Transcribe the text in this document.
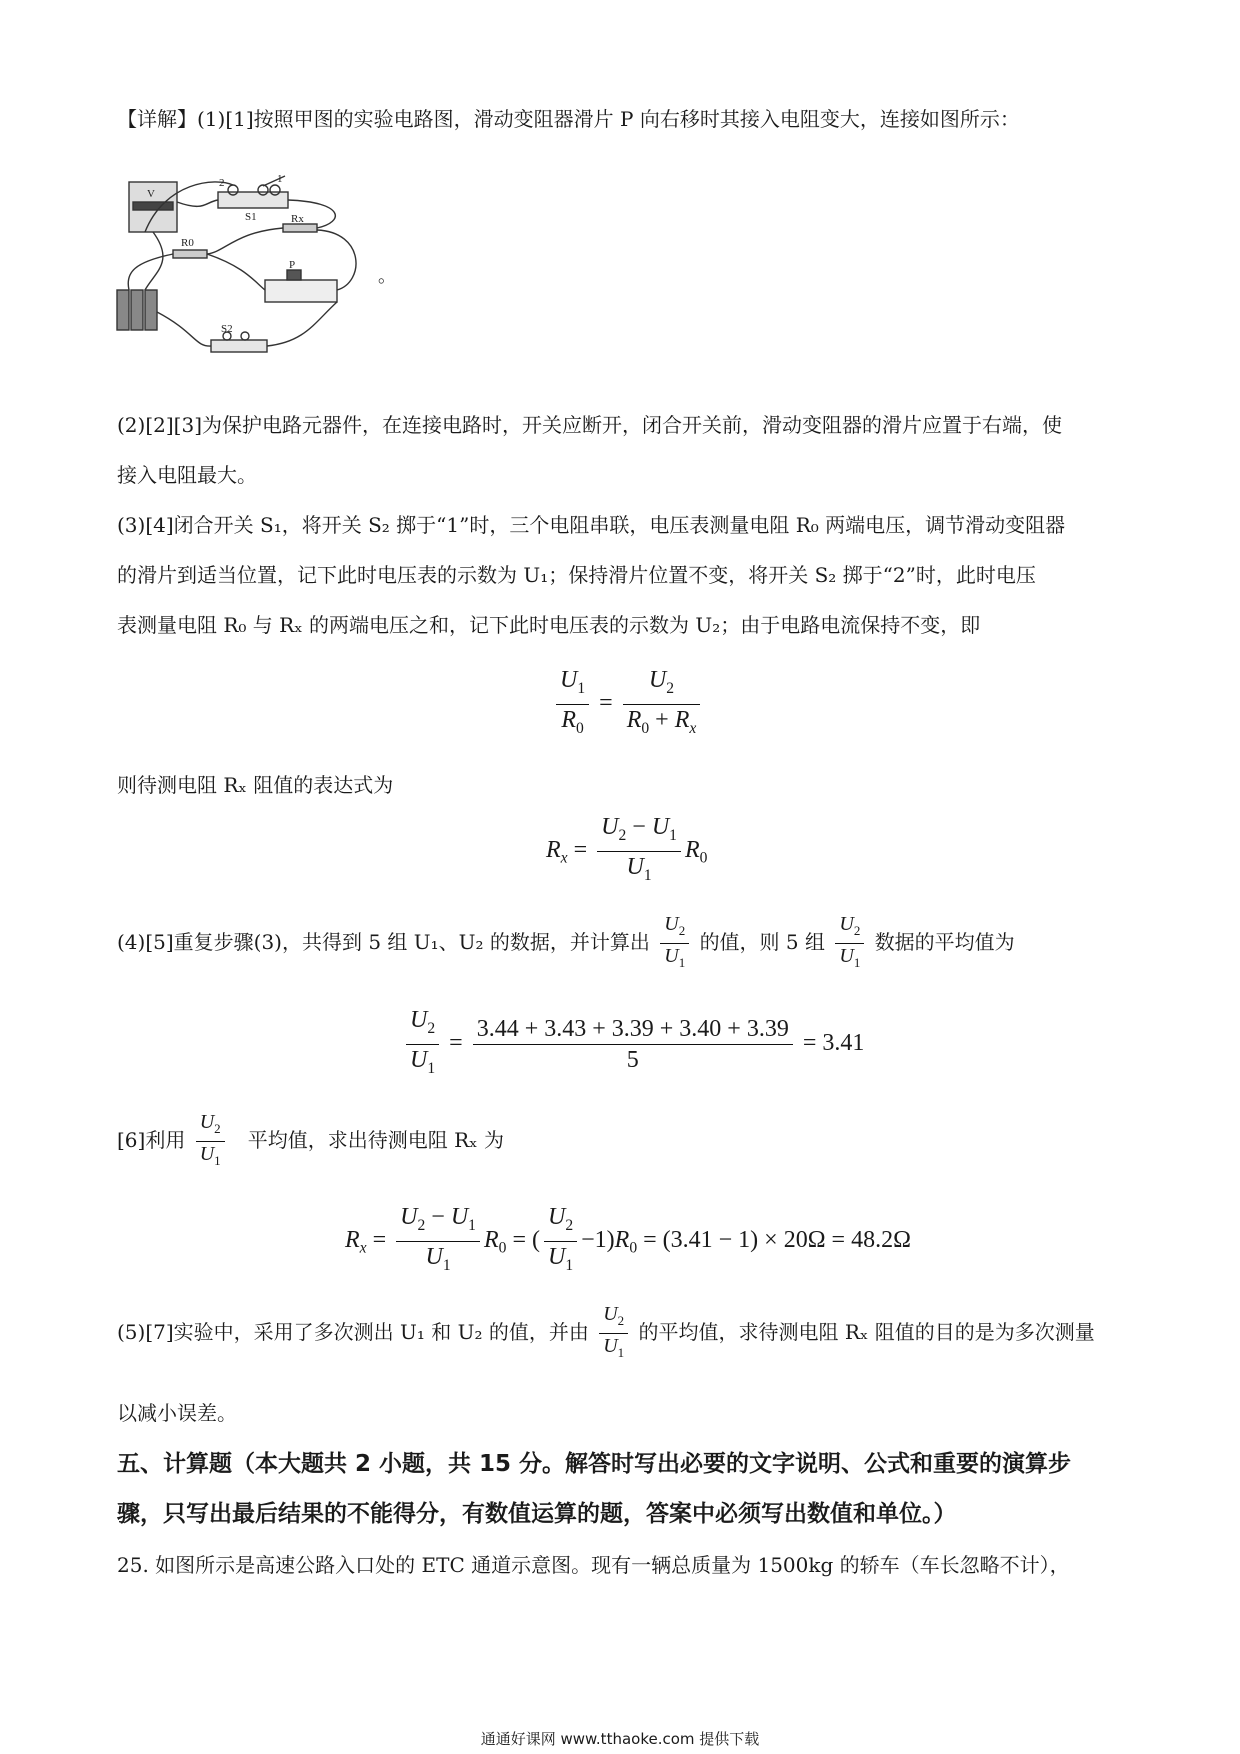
【详解】(1)[1]按照甲图的实验电路图，滑动变阻器滑片 P 向右移时其接入电阻变大，连接如图所示：
V
2	1
S1	Rx
R0
P
S2
。
(2)[2][3]为保护电路元器件，在连接电路时，开关应断开，闭合开关前，滑动变阻器的滑片应置于右端，使
接入电阻最大。
(3)[4]闭合开关 S₁，将开关 S₂ 掷于“1”时，三个电阻串联，电压表测量电阻 R₀ 两端电压，调节滑动变阻器
的滑片到适当位置，记下此时电压表的示数为 U₁；保持滑片位置不变，将开关 S₂ 掷于“2”时，此时电压
表测量电阻 R₀ 与 Rₓ 的两端电压之和，记下此时电压表的示数为 U₂；由于电路电流保持不变，即
$\frac{U_1}{R_0} = \frac{U_2}{R_0 + R_x}$
则待测电阻 Rₓ 阻值的表达式为
$R_x = \frac{U_2 - U_1}{U_1} R_0$
(4)[5]重复步骤(3)，共得到 5 组 U₁、U₂ 的数据，并计算出 $\frac{U_2}{U_1}$ 的值，则 5 组 $\frac{U_2}{U_1}$ 数据的平均值为
$\frac{U_2}{U_1} = \frac{3.44 + 3.43 + 3.39 + 3.40 + 3.39}{5} = 3.41$
[6]利用 $\frac{U_2}{U_1}$ 平均值，求出待测电阻 Rₓ 为
$R_x = \frac{U_2 - U_1}{U_1} R_0$ = ( $\frac{U_2}{U_1} -1)R_0 = (3.41 - 1) \times 20\Omega = 48.2\Omega$
(5)[7]实验中，采用了多次测出 U₁ 和 U₂ 的值，并由 $\frac{U_2}{U_1}$ 的平均值，求待测电阻 Rₓ 阻值的目的是为多次测量
以减小误差。
五、计算题（本大题共 2 小题，共 15 分。解答时写出必要的文字说明、公式和重要的演算步
骤，只写出最后结果的不能得分，有数值运算的题，答案中必须写出数值和单位。）
25. 如图所示是高速公路入口处的 ETC 通道示意图。现有一辆总质量为 1500kg 的轿车（车长忽略不计），
通通好课网 www.tthaoke.com 提供下载
